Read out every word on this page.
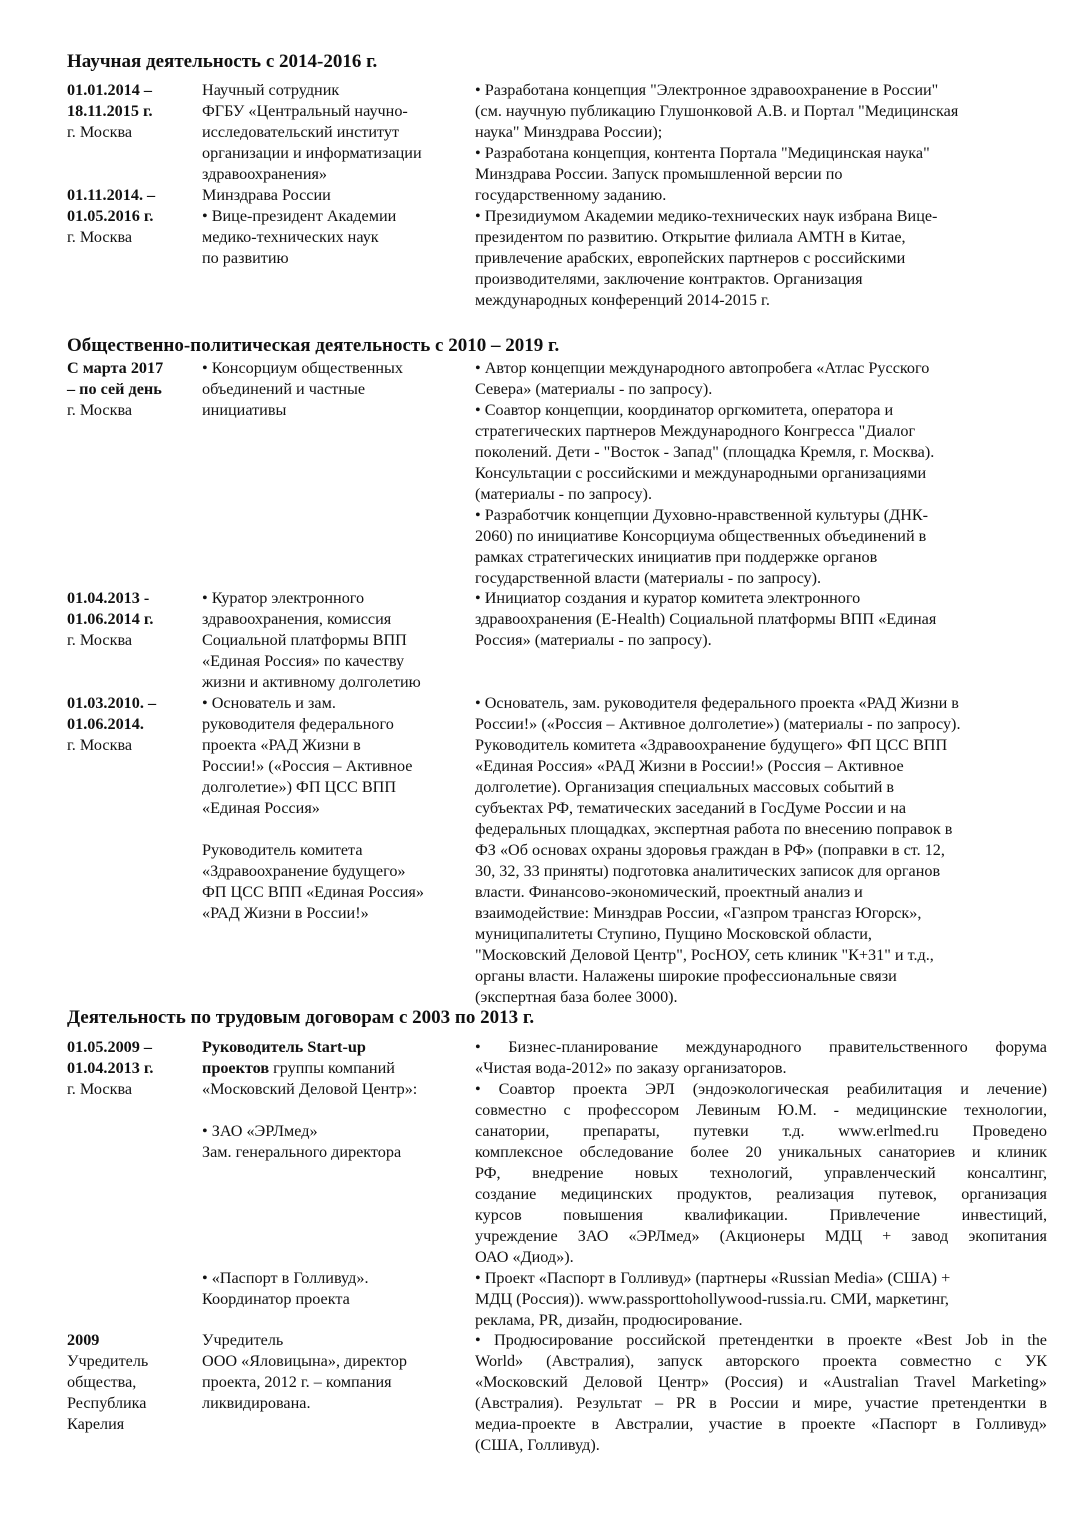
Научная деятельность с 2014-2016 г.
01.01.2014 –
18.11.2015 г.
г. Москва
Научный сотрудник
ФГБУ «Центральный научно-
исследовательский институт
организации и информатизации
здравоохранения»
• Разработана концепция "Электронное здравоохранение в России"
(см. научную публикацию Глушонковой А.В. и Портал "Медицинская
наука" Минздрава России);
• Разработана концепция, контента Портала "Медицинская наука"
Минздрава России. Запуск промышленной версии по
государственному заданию.
01.11.2014. –
01.05.2016 г.
г. Москва
Минздрава России
• Вице-президент Академии
медико-технических наук
по развитию
• Президиумом Академии медико-технических наук избрана Вице-
президентом по развитию. Открытие филиала АМТН в Китае,
привлечение арабских, европейских партнеров с российскими
производителями, заключение контрактов. Организация
международных конференций 2014-2015 г.
Общественно-политическая деятельность с 2010 – 2019 г.
С марта 2017
– по сей день
г. Москва
• Консорциум общественных
объединений и частные
инициативы
• Автор концепции международного автопробега «Атлас Русского
Севера» (материалы - по запросу).
• Соавтор концепции, координатор оргкомитета, оператора и
стратегических партнеров Международного Конгресса "Диалог
поколений. Дети - "Восток - Запад" (площадка Кремля, г. Москва).
Консультации с российскими и международными организациями
(материалы - по запросу).
• Разработчик концепции Духовно-нравственной культуры (ДНК-
2060) по инициативе Консорциума общественных объединений в
рамках стратегических инициатив при поддержке органов
государственной власти (материалы - по запросу).
01.04.2013 -
01.06.2014 г.
г. Москва
• Куратор электронного
здравоохранения, комиссия
Социальной платформы ВПП
«Единая Россия» по качеству
жизни и активному долголетию
• Инициатор создания и куратор комитета электронного
здравоохранения (E-Health) Социальной платформы ВПП «Единая
Россия» (материалы - по запросу).
01.03.2010. –
01.06.2014.
г. Москва
• Основатель и зам.
руководителя федерального
проекта «РАД Жизни в
России!» («Россия – Активное
долголетие») ФП ЦСС ВПП
«Единая Россия»
Руководитель комитета
«Здравоохранение будущего»
ФП ЦСС ВПП «Единая Россия»
«РАД Жизни в России!»
• Основатель, зам. руководителя федерального проекта «РАД Жизни в
России!» («Россия – Активное долголетие») (материалы - по запросу).
Руководитель комитета «Здравоохранение будущего» ФП ЦСС ВПП
«Единая Россия» «РАД Жизни в России!» (Россия – Активное
долголетие). Организация специальных массовых событий в
субъектах РФ, тематических заседаний в ГосДуме России и на
федеральных площадках, экспертная работа по внесению поправок в
ФЗ «Об основах охраны здоровья граждан в РФ» (поправки в ст. 12,
30, 32, 33 приняты) подготовка аналитических записок для органов
власти. Финансово-экономический, проектный анализ и
взаимодействие: Минздрав России, «Газпром трансгаз Югорск»,
муниципалитеты Ступино, Пущино Московской области,
"Московский Деловой Центр", РосНОУ, сеть клиник "К+31" и т.д.,
органы власти. Налажены широкие профессиональные связи
(экспертная база более 3000).
Деятельность по трудовым договорам с 2003 по 2013 г.
01.05.2009 –
01.04.2013 г.
г. Москва
Руководитель Start-up
проектов группы компаний
«Московский Деловой Центр»:
• ЗАО «ЭРЛмед»
Зам. генерального директора
• Бизнес-планирование международного правительственного форума
«Чистая вода-2012» по заказу организаторов.
• Соавтор проекта ЭРЛ (эндоэкологическая реабилитация и лечение)
совместно с профессором Левиным Ю.М. - медицинские технологии,
санатории, препараты, путевки т.д. www.erlmed.ru Проведено
комплексное обследование более 20 уникальных санаториев и клиник
РФ, внедрение новых технологий, управленческий консалтинг,
создание медицинских продуктов, реализация путевок, организация
курсов повышения квалификации. Привлечение инвестиций,
учреждение ЗАО «ЭРЛмед» (Акционеры МДЦ + завод экопитания
ОАО «Диод»).
• «Паспорт в Голливуд».
Координатор проекта
• Проект «Паспорт в Голливуд» (партнеры «Russian Media» (США) +
МДЦ (Россия)). www.passporttohollywood-russia.ru. СМИ, маркетинг,
реклама, PR, дизайн, продюсирование.
2009
Учредитель
общества,
Республика
Карелия
Учредитель
ООО «Яловицына», директор
проекта, 2012 г. – компания
ликвидирована.
• Продюсирование российской претендентки в проекте «Best Job in the
World» (Австралия), запуск авторского проекта совместно с УК
«Московский Деловой Центр» (Россия) и «Australian Travel Marketing»
(Австралия). Результат – PR в России и мире, участие претендентки в
медиа-проекте в Австралии, участие в проекте «Паспорт в Голливуд»
(США, Голливуд).
